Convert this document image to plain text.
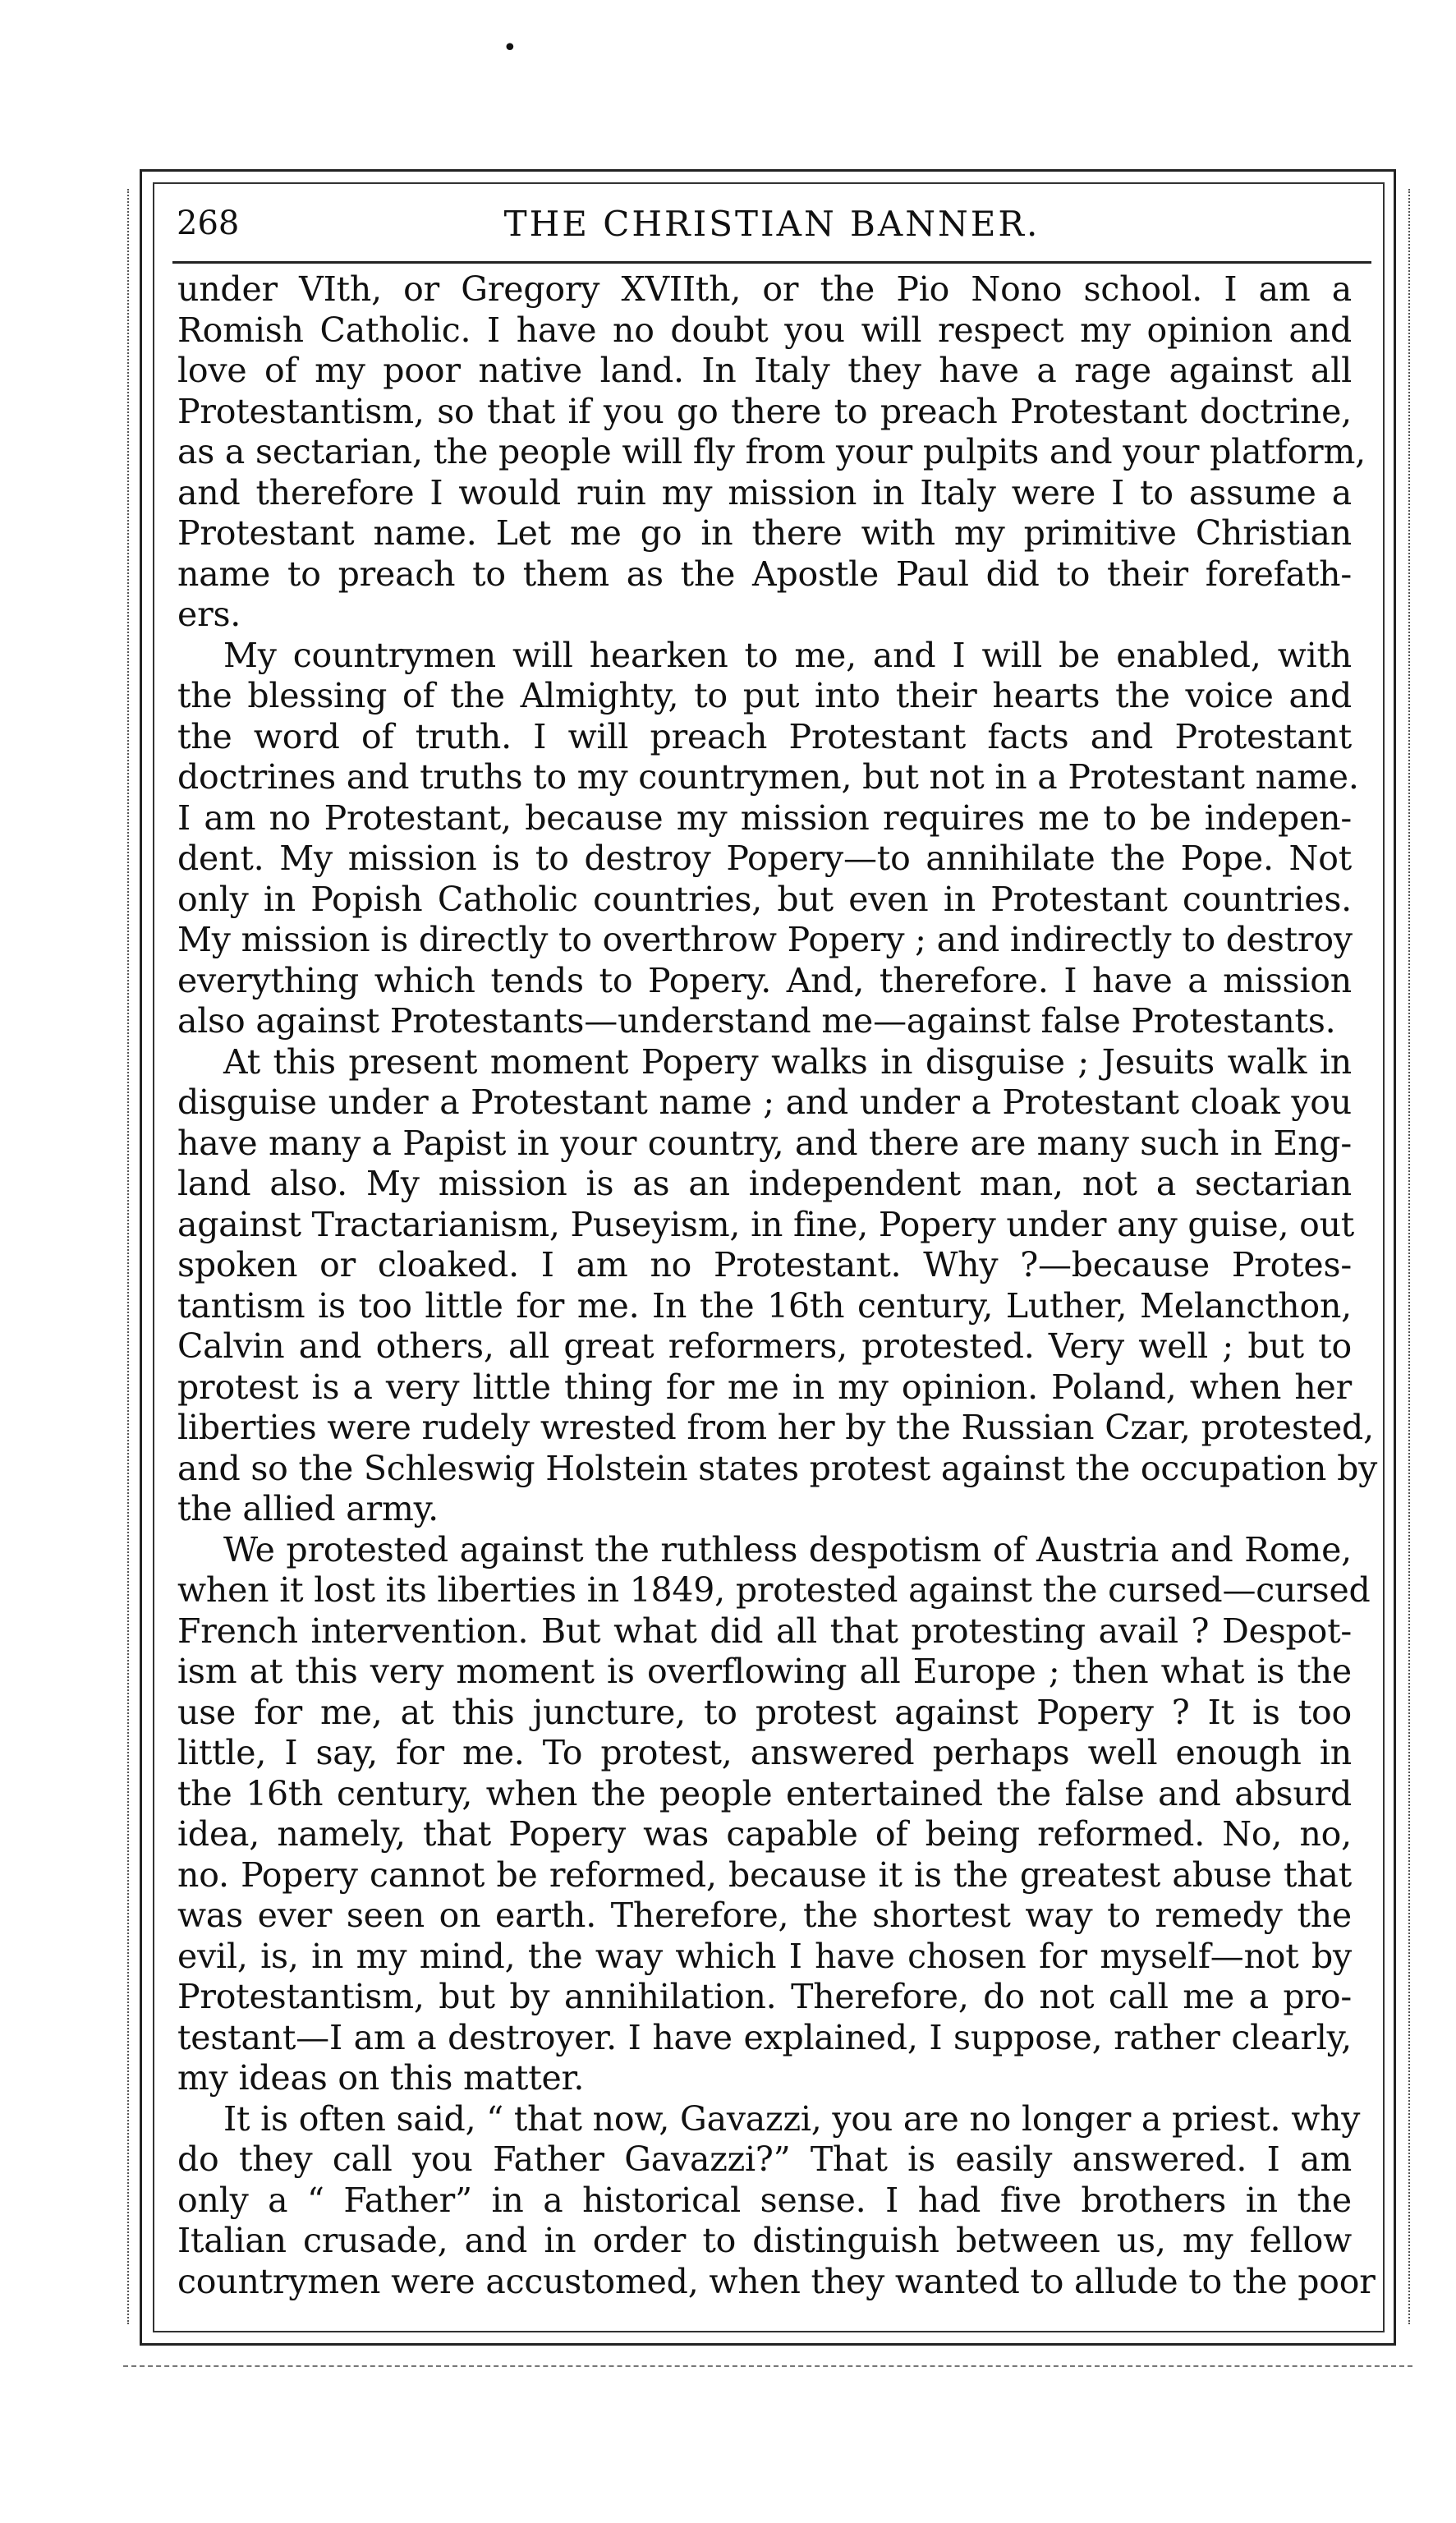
•
268	THE CHRISTIAN BANNER.

under VIth, or Gregory XVIIth, or the Pio Nono school. I am a
Romish Catholic. I have no doubt you will respect my opinion and
love of my poor native land. In Italy they have a rage against all
Protestantism, so that if you go there to preach Protestant doctrine,
as a sectarian, the people will fly from your pulpits and your platform,
and therefore I would ruin my mission in Italy were I to assume a
Protestant name. Let me go in there with my primitive Christian
name to preach to them as the Apostle Paul did to their forefath-
ers.

My countrymen will hearken to me, and I will be enabled, with
the blessing of the Almighty, to put into their hearts the voice and
the word of truth. I will preach Protestant facts and Protestant
doctrines and truths to my countrymen, but not in a Protestant name.
I am no Protestant, because my mission requires me to be indepen-
dent. My mission is to destroy Popery—to annihilate the Pope. Not
only in Popish Catholic countries, but even in Protestant countries.
My mission is directly to overthrow Popery ; and indirectly to destroy
everything which tends to Popery. And, therefore. I have a mission
also against Protestants—understand me—against false Protestants.

At this present moment Popery walks in disguise ; Jesuits walk in
disguise under a Protestant name ; and under a Protestant cloak you
have many a Papist in your country, and there are many such in Eng-
land also. My mission is as an independent man, not a sectarian
against Tractarianism, Puseyism, in fine, Popery under any guise, out
spoken or cloaked. I am no Protestant. Why ?—because Protes-
tantism is too little for me. In the 16th century, Luther, Melancthon,
Calvin and others, all great reformers, protested. Very well ; but to
protest is a very little thing for me in my opinion. Poland, when her
liberties were rudely wrested from her by the Russian Czar, protested,
and so the Schleswig Holstein states protest against the occupation by
the allied army.

We protested against the ruthless despotism of Austria and Rome,
when it lost its liberties in 1849, protested against the cursed—cursed
French intervention. But what did all that protesting avail ? Despot-
ism at this very moment is overflowing all Europe ; then what is the
use for me, at this juncture, to protest against Popery ? It is too
little, I say, for me. To protest, answered perhaps well enough in
the 16th century, when the people entertained the false and absurd
idea, namely, that Popery was capable of being reformed. No, no,
no. Popery cannot be reformed, because it is the greatest abuse that
was ever seen on earth. Therefore, the shortest way to remedy the
evil, is, in my mind, the way which I have chosen for myself—not by
Protestantism, but by annihilation. Therefore, do not call me a pro-
testant—I am a destroyer. I have explained, I suppose, rather clearly,
my ideas on this matter.

It is often said, “ that now, Gavazzi, you are no longer a priest. why
do they call you Father Gavazzi?” That is easily answered. I am
only a “ Father” in a historical sense. I had five brothers in the
Italian crusade, and in order to distinguish between us, my fellow
countrymen were accustomed, when they wanted to allude to the poor
